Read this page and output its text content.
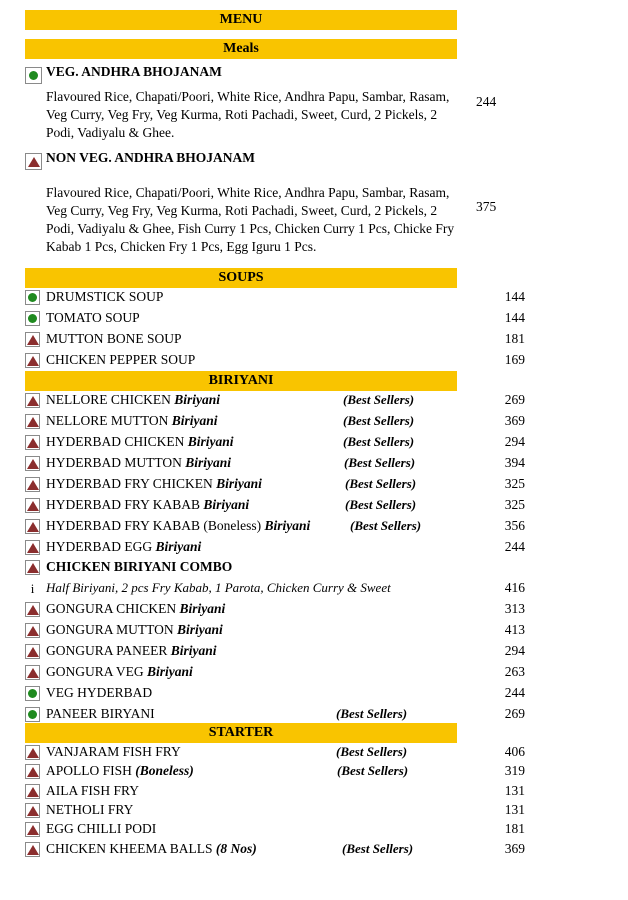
MENU
Meals
VEG. ANDHRA BHOJANAM
Flavoured Rice, Chapati/Poori, White Rice, Andhra Papu, Sambar, Rasam, Veg Curry, Veg Fry, Veg Kurma, Roti Pachadi, Sweet, Curd, 2 Pickels, 2 Podi, Vadiyalu & Ghee.
244
NON VEG. ANDHRA BHOJANAM
Flavoured Rice, Chapati/Poori, White Rice, Andhra Papu, Sambar, Rasam, Veg Curry, Veg Fry, Veg Kurma, Roti Pachadi, Sweet, Curd, 2 Pickels, 2 Podi, Vadiyalu & Ghee, Fish Curry 1 Pcs, Chicken Curry 1 Pcs, Chicke Fry Kabab 1 Pcs, Chicken Fry 1 Pcs, Egg Iguru 1 Pcs.
375
SOUPS
DRUMSTICK SOUP	144
TOMATO SOUP	144
MUTTON BONE SOUP	181
CHICKEN PEPPER SOUP	169
BIRIYANI
NELLORE CHICKEN Biriyani	(Best Sellers)	269
NELLORE MUTTON Biriyani	(Best Sellers)	369
HYDERBAD CHICKEN Biriyani	(Best Sellers)	294
HYDERBAD MUTTON Biriyani	(Best Sellers)	394
HYDERBAD FRY CHICKEN Biriyani	(Best Sellers)	325
HYDERBAD FRY KABAB Biriyani	(Best Sellers)	325
HYDERBAD FRY KABAB (Boneless) Biriyani	(Best Sellers)	356
HYDERBAD EGG Biriyani	244
CHICKEN BIRIYANI COMBO
i Half Biriyani, 2 pcs Fry Kabab, 1 Parota, Chicken Curry & Sweet	416
GONGURA CHICKEN Biriyani	313
GONGURA MUTTON Biriyani	413
GONGURA PANEER Biriyani	294
GONGURA VEG Biriyani	263
VEG HYDERBAD	244
PANEER BIRYANI	(Best Sellers)	269
STARTER
VANJARAM FISH FRY	(Best Sellers)	406
APOLLO FISH (Boneless)	(Best Sellers)	319
AILA FISH FRY	131
NETHOLI FRY	131
EGG CHILLI PODI	181
CHICKEN KHEEMA BALLS (8 Nos)	(Best Sellers)	369
